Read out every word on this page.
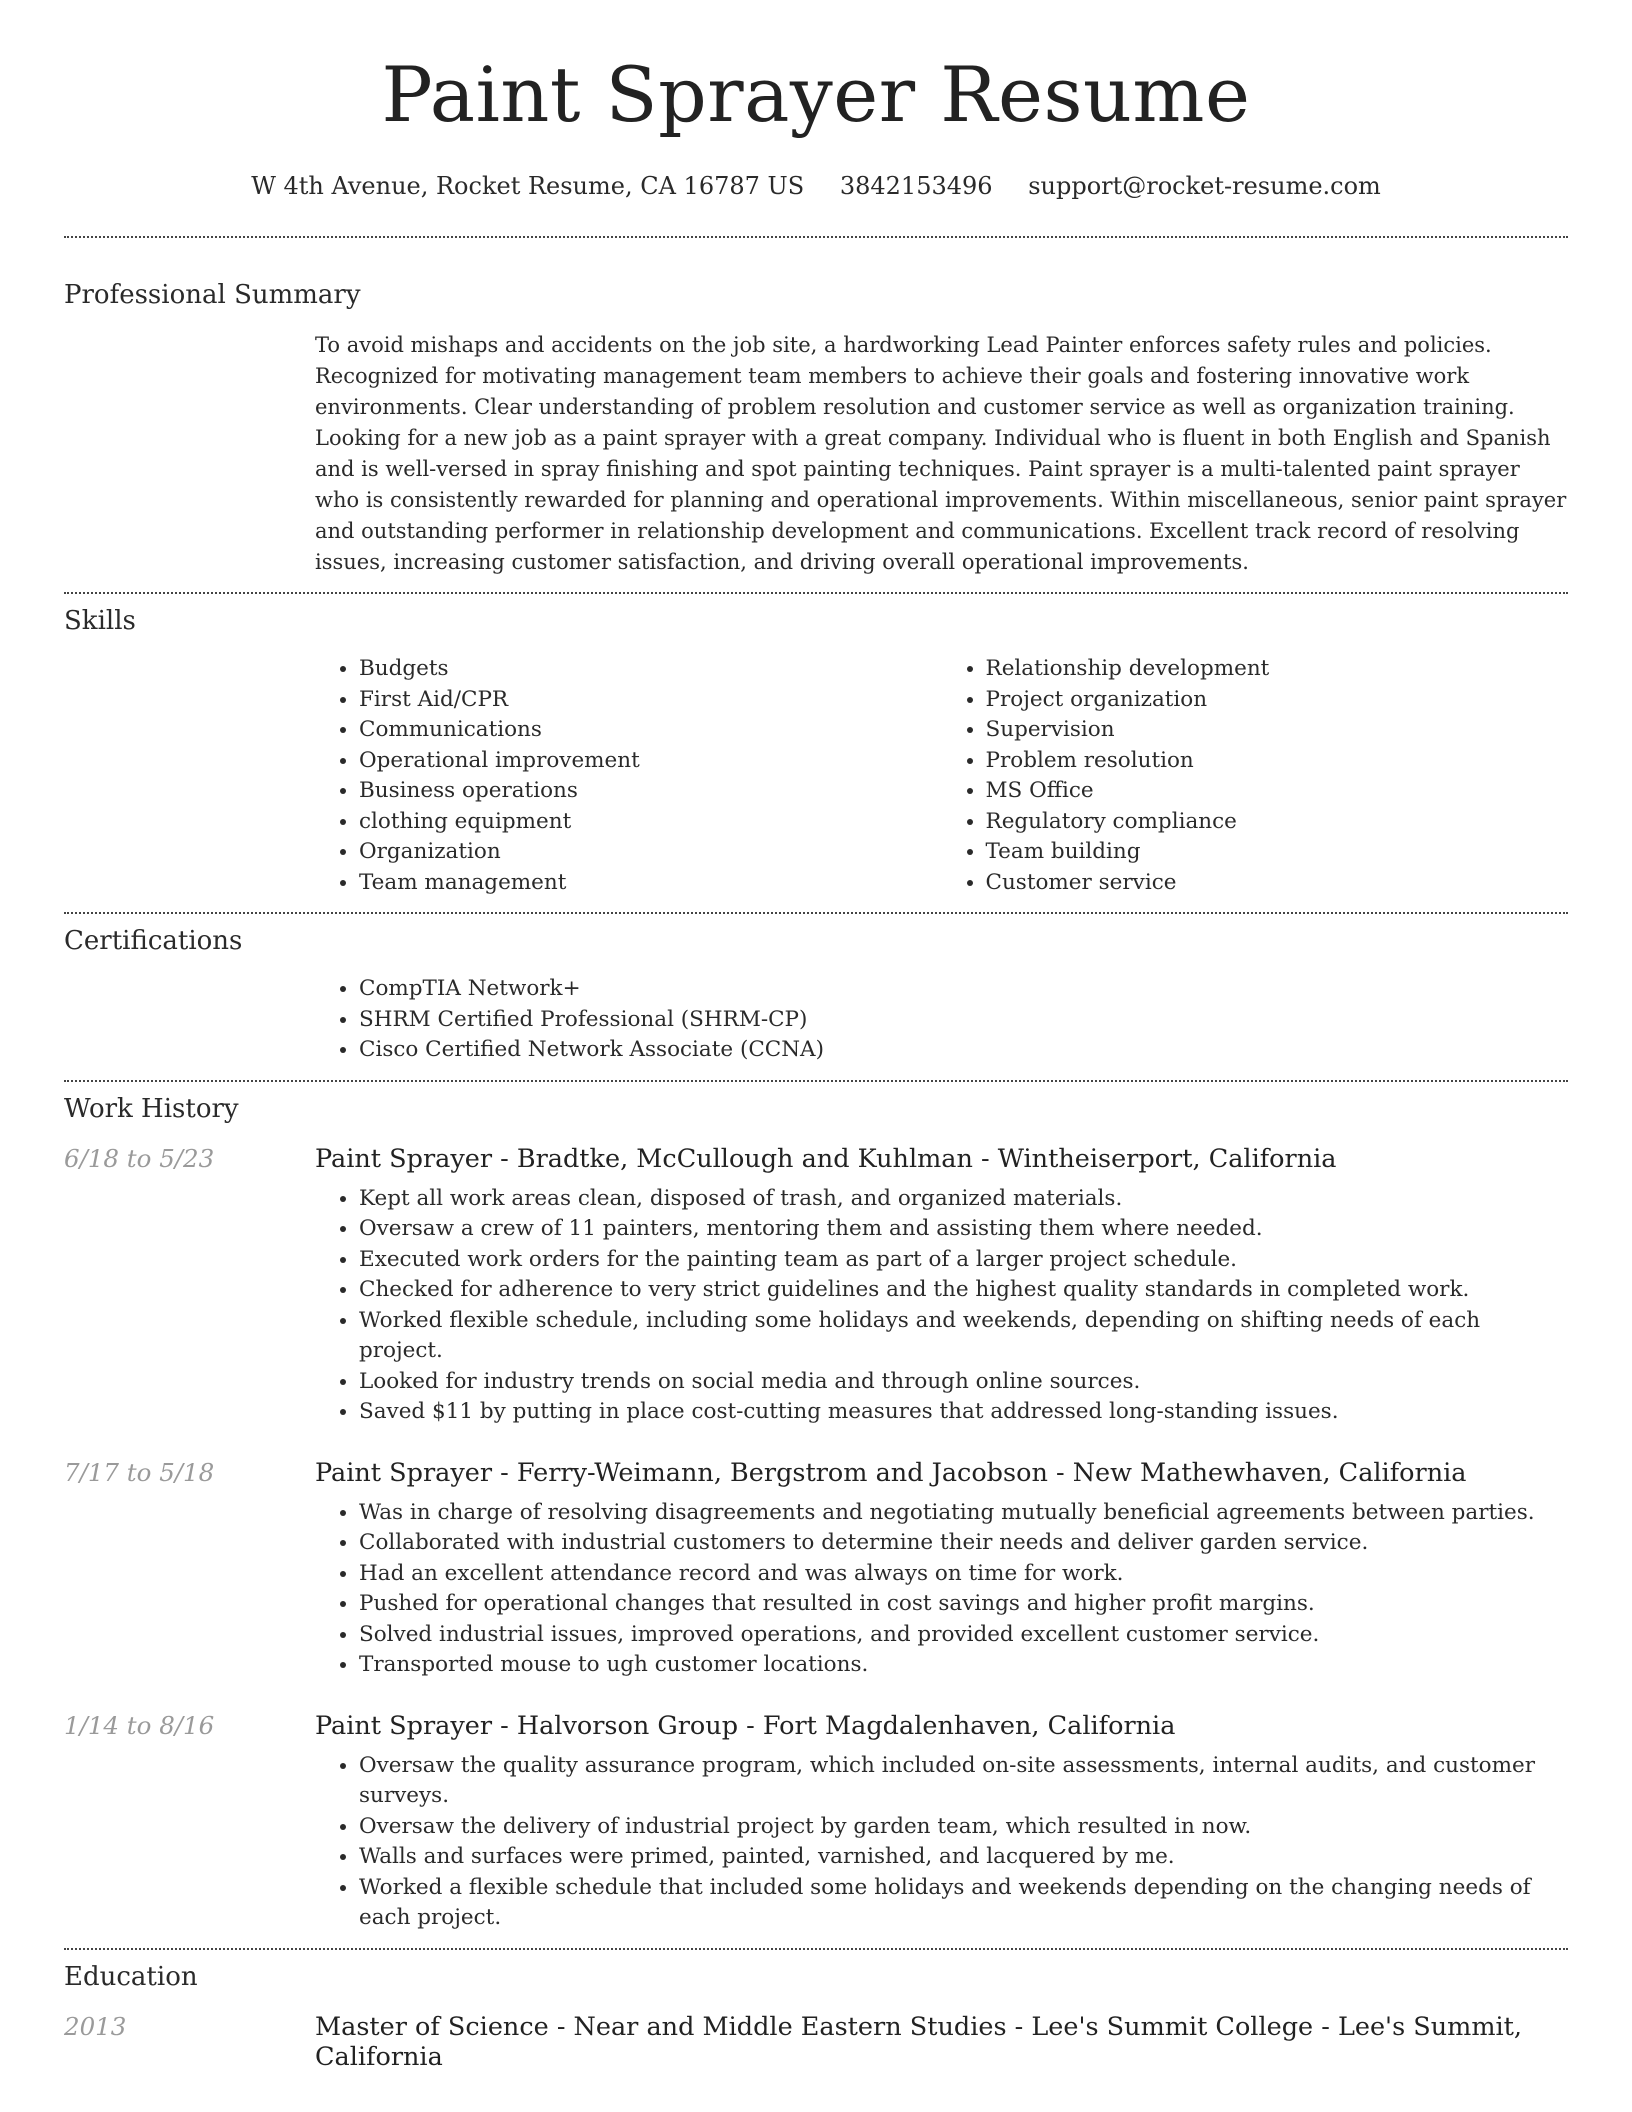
Paint Sprayer Resume
W 4th Avenue, Rocket Resume, CA 16787 US 3842153496 support@rocket-resume.com
Professional Summary
To avoid mishaps and accidents on the job site, a hardworking Lead Painter enforces safety rules and policies. Recognized for motivating management team members to achieve their goals and fostering innovative work environments. Clear understanding of problem resolution and customer service as well as organization training. Looking for a new job as a paint sprayer with a great company. Individual who is fluent in both English and Spanish and is well-versed in spray finishing and spot painting techniques. Paint sprayer is a multi-talented paint sprayer who is consistently rewarded for planning and operational improvements. Within miscellaneous, senior paint sprayer and outstanding performer in relationship development and communications. Excellent track record of resolving issues, increasing customer satisfaction, and driving overall operational improvements.
Skills
• Budgets
• First Aid/CPR
• Communications
• Operational improvement
• Business operations
• clothing equipment
• Organization
• Team management
• Relationship development
• Project organization
• Supervision
• Problem resolution
• MS Office
• Regulatory compliance
• Team building
• Customer service
Certifications
• CompTIA Network+
• SHRM Certified Professional (SHRM-CP)
• Cisco Certified Network Associate (CCNA)
Work History
6/18 to 5/23	Paint Sprayer - Bradtke, McCullough and Kuhlman - Wintheiserport, California
• Kept all work areas clean, disposed of trash, and organized materials.
• Oversaw a crew of 11 painters, mentoring them and assisting them where needed.
• Executed work orders for the painting team as part of a larger project schedule.
• Checked for adherence to very strict guidelines and the highest quality standards in completed work.
• Worked flexible schedule, including some holidays and weekends, depending on shifting needs of each project.
• Looked for industry trends on social media and through online sources.
• Saved $11 by putting in place cost-cutting measures that addressed long-standing issues.
7/17 to 5/18	Paint Sprayer - Ferry-Weimann, Bergstrom and Jacobson - New Mathewhaven, California
• Was in charge of resolving disagreements and negotiating mutually beneficial agreements between parties.
• Collaborated with industrial customers to determine their needs and deliver garden service.
• Had an excellent attendance record and was always on time for work.
• Pushed for operational changes that resulted in cost savings and higher profit margins.
• Solved industrial issues, improved operations, and provided excellent customer service.
• Transported mouse to ugh customer locations.
1/14 to 8/16	Paint Sprayer - Halvorson Group - Fort Magdalenhaven, California
• Oversaw the quality assurance program, which included on-site assessments, internal audits, and customer surveys.
• Oversaw the delivery of industrial project by garden team, which resulted in now.
• Walls and surfaces were primed, painted, varnished, and lacquered by me.
• Worked a flexible schedule that included some holidays and weekends depending on the changing needs of each project.
Education
2013	Master of Science - Near and Middle Eastern Studies - Lee's Summit College - Lee's Summit, California
